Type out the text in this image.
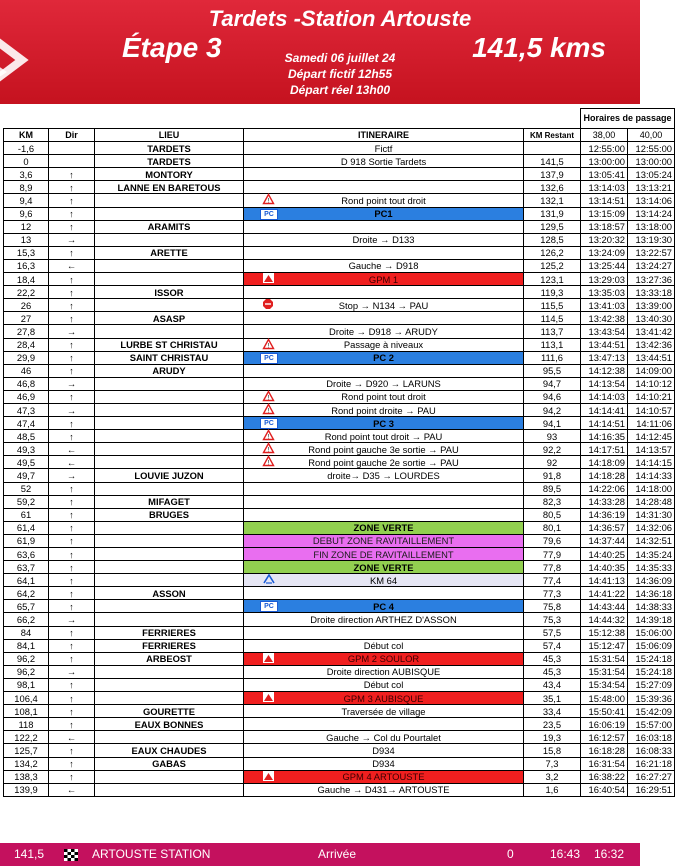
Tardets -Station Artouste
Étape 3	141,5 kms
Samedi 06 juillet 24
Départ fictif 12h55
Départ réel 13h00
					Horaires de passage	
KM	Dir	LIEU	ITINERAIRE	KM Restant	38,00	40,00
-1,6		TARDETS	Fictf		12:55:00	12:55:00
0		TARDETS	D 918 Sortie Tardets	141,5	13:00:00	13:00:00
3,6	↑	MONTORY		137,9	13:05:41	13:05:24
8,9	↑	LANNE EN BARETOUS		132,6	13:14:03	13:13:21
9,4	↑		! Rond point tout droit	132,1	13:14:51	13:14:06
9,6	↑		PC PC1	131,9	13:15:09	13:14:24
12	↑	ARAMITS		129,5	13:18:57	13:18:00
13	→		Droite → D133	128,5	13:20:32	13:19:30
15,3	↑	ARETTE		126,2	13:24:09	13:22:57
16,3	←		Gauche → D918	125,2	13:25:44	13:24:27
18,4	↑		GPM 1	123,1	13:29:03	13:27:36
22,2	↑	ISSOR		119,3	13:35:03	13:33:18
26	↑		Stop → N134 → PAU	115,5	13:41:03	13:39:00
27	↑	ASASP		114,5	13:42:38	13:40:30
27,8	→		Droite → D918 → ARUDY	113,7	13:43:54	13:41:42
28,4	↑	LURBE ST CHRISTAU	! Passage à niveaux	113,1	13:44:51	13:42:36
29,9	↑	SAINT CHRISTAU	PC PC 2	111,6	13:47:13	13:44:51
46	↑	ARUDY		95,5	14:12:38	14:09:00
46,8	→		Droite → D920 → LARUNS	94,7	14:13:54	14:10:12
46,9	↑		! Rond point tout droit	94,6	14:14:03	14:10:21
47,3	→		! Rond point droite → PAU	94,2	14:14:41	14:10:57
47,4	↑		PC PC 3	94,1	14:14:51	14:11:06
48,5	↑		! Rond point tout droit → PAU	93	14:16:35	14:12:45
49,3	←		! Rond point gauche 3e sortie → PAU	92,2	14:17:51	14:13:57
49,5	←		! Rond point gauche 2e sortie → PAU	92	14:18:09	14:14:15
49,7	→	LOUVIE JUZON	droite→ D35 → LOURDES	91,8	14:18:28	14:14:33
52	↑			89,5	14:22:06	14:18:00
59,2	↑	MIFAGET		82,3	14:33:28	14:28:48
61	↑	BRUGES		80,5	14:36:19	14:31:30
61,4	↑		ZONE VERTE	80,1	14:36:57	14:32:06
61,9	↑		DEBUT ZONE RAVITAILLEMENT	79,6	14:37:44	14:32:51
63,6	↑		FIN ZONE DE RAVITAILLEMENT	77,9	14:40:25	14:35:24
63,7	↑		ZONE VERTE	77,8	14:40:35	14:35:33
64,1	↑		KM 64	77,4	14:41:13	14:36:09
64,2	↑	ASSON		77,3	14:41:22	14:36:18
65,7	↑		PC PC 4	75,8	14:43:44	14:38:33
66,2	→		Droite direction ARTHEZ D'ASSON	75,3	14:44:32	14:39:18
84	↑	FERRIERES		57,5	15:12:38	15:06:00
84,1	↑	FERRIERES	Début col	57,4	15:12:47	15:06:09
96,2	↑	ARBEOST	GPM 2 SOULOR	45,3	15:31:54	15:24:18
96,2	→		Droite direction AUBISQUE	45,3	15:31:54	15:24:18
98,1	↑		Début col	43,4	15:34:54	15:27:09
106,4	↑		GPM 3 AUBISQUE	35,1	15:48:00	15:39:36
108,1	↑	GOURETTE	Traversée de village	33,4	15:50:41	15:42:09
118	↑	EAUX BONNES		23,5	16:06:19	15:57:00
122,2	←		Gauche → Col du Pourtalet	19,3	16:12:57	16:03:18
125,7	↑	EAUX CHAUDES	D934	15,8	16:18:28	16:08:33
134,2	↑	GABAS	D934	7,3	16:31:54	16:21:18
138,3	↑		GPM 4 ARTOUSTE	3,2	16:38:22	16:27:27
139,9	←		Gauche → D431→ ARTOUSTE	1,6	16:40:54	16:29:51
141,5	ARTOUSTE STATION	Arrivée	0	16:43 16:32
